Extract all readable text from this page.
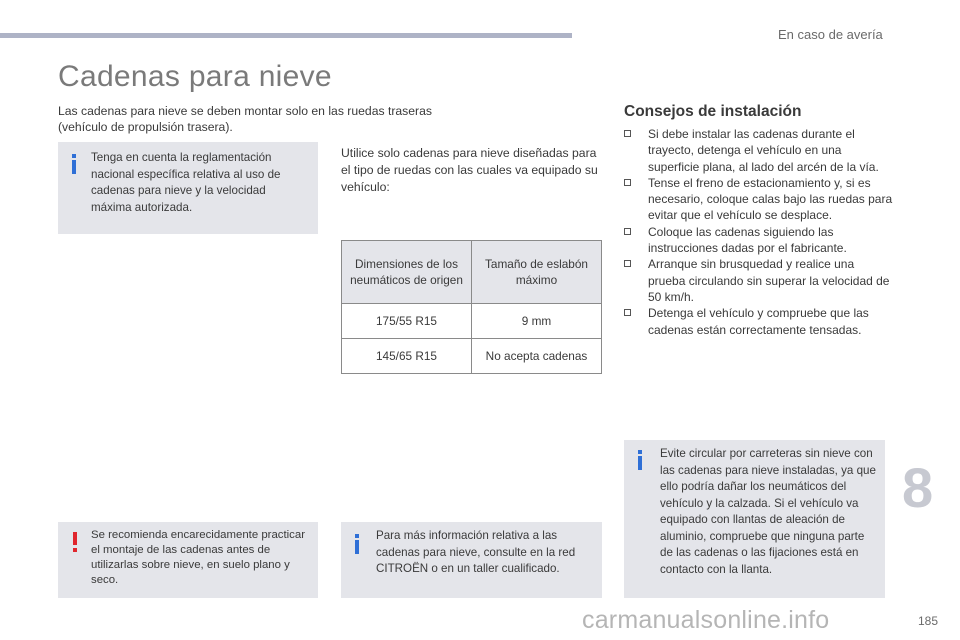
En caso de avería
Cadenas para nieve
Las cadenas para nieve se deben montar solo en las ruedas traseras (vehículo de propulsión trasera).
Tenga en cuenta la reglamentación nacional específica relativa al uso de cadenas para nieve y la velocidad máxima autorizada.
Utilice solo cadenas para nieve diseñadas para el tipo de ruedas con las cuales va equipado su vehículo:
Dimensiones de los neumáticos de origen	Tamaño de eslabón máximo
175/55 R15	9 mm
145/65 R15	No acepta cadenas
Consejos de instalación
Si debe instalar las cadenas durante el trayecto, detenga el vehículo en una superficie plana, al lado del arcén de la vía.
Tense el freno de estacionamiento y, si es necesario, coloque calas bajo las ruedas para evitar que el vehículo se desplace.
Coloque las cadenas siguiendo las instrucciones dadas por el fabricante.
Arranque sin brusquedad y realice una prueba circulando sin superar la velocidad de 50 km/h.
Detenga el vehículo y compruebe que las cadenas están correctamente tensadas.
Evite circular por carreteras sin nieve con las cadenas para nieve instaladas, ya que ello podría dañar los neumáticos del vehículo y la calzada. Si el vehículo va equipado con llantas de aleación de aluminio, compruebe que ninguna parte de las cadenas o las fijaciones está en contacto con la llanta.
Se recomienda encarecidamente practicar el montaje de las cadenas antes de utilizarlas sobre nieve, en suelo plano y seco.
Para más información relativa a las cadenas para nieve, consulte en la red CITROËN o en un taller cualificado.
8
carmanualsonline.info	185
